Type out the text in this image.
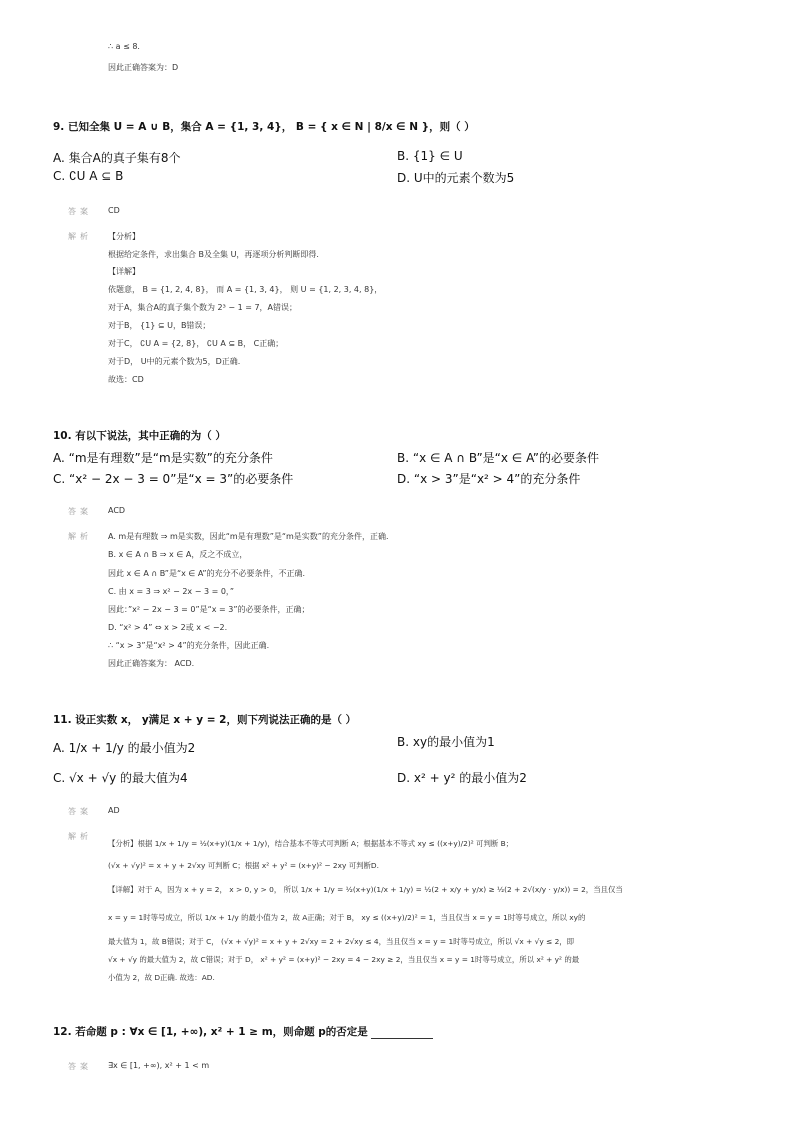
∴ a ≤ 8.
因此正确答案为：D
9. 已知全集 U = A ∪ B，集合 A = {1, 3, 4}， B = { x ∈ N | 8/x ∈ N }，则（ ）
A. 集合A的真子集有8个	B. {1} ∈ U
C. ∁U A ⊆ B	D. U中的元素个数为5
答案 CD
解析 【分析】
根据给定条件，求出集合 B及全集 U，再逐项分析判断即得.
【详解】
依题意， B = {1, 2, 4, 8}， 而 A = {1, 3, 4}， 则 U = {1, 2, 3, 4, 8}，
对于A，集合A的真子集个数为 2³ − 1 = 7，A错误；
对于B， {1} ⊆ U，B错误；
对于C， ∁U A = {2, 8}， ∁U A ⊆ B， C正确；
对于D， U中的元素个数为5，D正确.
故选：CD
10. 有以下说法，其中正确的为（ ）
A. “m是有理数”是“m是实数”的充分条件	B. “x ∈ A ∩ B”是“x ∈ A”的必要条件
C. “x² − 2x − 3 = 0”是“x = 3”的必要条件	D. “x > 3”是“x² > 4”的充分条件
答案 ACD
解析 A. m是有理数 ⇒ m是实数，因此“m是有理数”是“m是实数”的充分条件，正确.
B. x ∈ A ∩ B ⇒ x ∈ A，反之不成立，
因此 x ∈ A ∩ B”是“x ∈ A”的充分不必要条件，不正确.
C. 由 x = 3 ⇒ x² − 2x − 3 = 0，”
因此：”x² − 2x − 3 = 0”是“x = 3”的必要条件，正确；
D. “x² > 4” ⇔ x > 2或 x < −2.
∴ “x > 3”是“x² > 4”的充分条件，因此正确.
因此正确答案为： ACD.
11. 设正实数 x， y满足 x + y = 2，则下列说法正确的是（ ）
A. 1/x + 1/y 的最小值为2	B. xy的最小值为1
C. √x + √y 的最大值为4	D. x² + y² 的最小值为2
答案 AD
解析
【分析】根据 1/x + 1/y = ½(x+y)(1/x + 1/y)，结合基本不等式可判断 A；根据基本不等式 xy ≤ ((x+y)/2)² 可判断 B；
(√x + √y)² = x + y + 2√xy 可判断 C；根据 x² + y² = (x+y)² − 2xy 可判断D.
【详解】对于 A，因为 x + y = 2， x > 0, y > 0， 所以 1/x + 1/y = ½(x+y)(1/x + 1/y) = ½(2 + x/y + y/x) ≥ ½(2 + 2√(x/y · y/x)) = 2，当且仅当
x = y = 1时等号成立，所以 1/x + 1/y 的最小值为 2，故 A正确；对于 B， xy ≤ ((x+y)/2)² = 1，当且仅当 x = y = 1时等号成立，所以 xy的
最大值为 1，故 B错误；对于 C， (√x + √y)² = x + y + 2√xy = 2 + 2√xy ≤ 4，当且仅当 x = y = 1时等号成立，所以 √x + √y ≤ 2，即
√x + √y 的最大值为 2，故 C错误；对于 D， x² + y² = (x+y)² − 2xy = 4 − 2xy ≥ 2，当且仅当 x = y = 1时等号成立，所以 x² + y² 的最
小值为 2，故 D正确. 故选：AD.
12. 若命题 p : ∀x ∈ [1, +∞), x² + 1 ≥ m，则命题 p的否定是
答案 ∃x ∈ [1, +∞), x² + 1 < m
